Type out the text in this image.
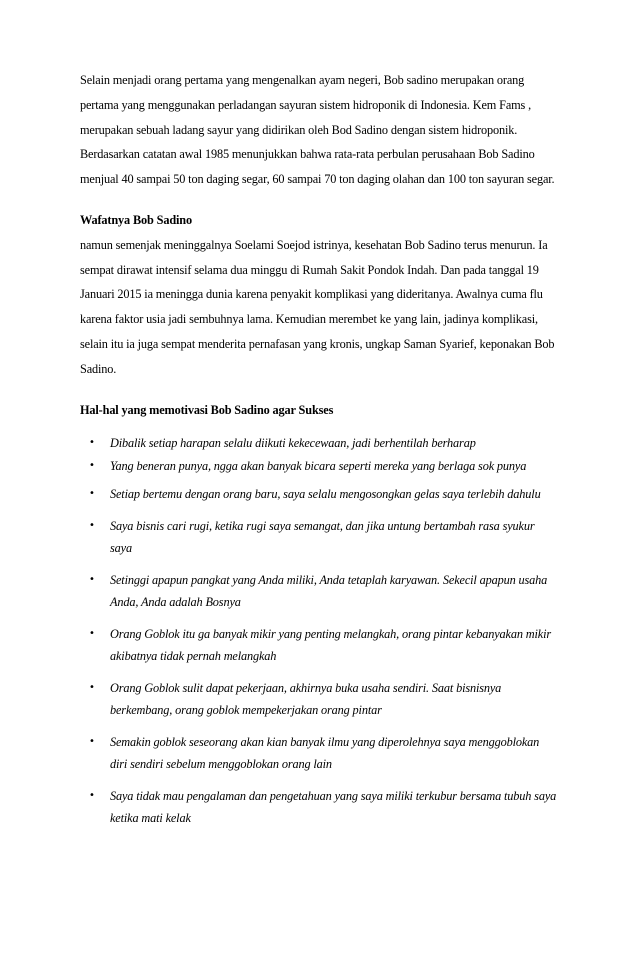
Selain menjadi orang pertama yang mengenalkan ayam negeri, Bob sadino merupakan orang pertama yang menggunakan perladangan sayuran sistem hidroponik di Indonesia. Kem Fams , merupakan sebuah ladang sayur yang didirikan oleh Bod Sadino dengan sistem hidroponik. Berdasarkan catatan awal 1985 menunjukkan bahwa rata-rata perbulan perusahaan Bob Sadino menjual 40 sampai 50 ton daging segar, 60 sampai 70 ton daging olahan dan 100 ton sayuran segar.

Wafatnya Bob Sadino

namun semenjak meninggalnya Soelami Soejod istrinya, kesehatan Bob Sadino terus menurun. Ia sempat dirawat intensif selama dua minggu di Rumah Sakit Pondok Indah. Dan pada tanggal 19 Januari 2015 ia meningga dunia karena penyakit komplikasi yang dideritanya. Awalnya cuma flu karena faktor usia jadi sembuhnya lama. Kemudian merembet ke yang lain, jadinya komplikasi, selain itu ia juga sempat menderita pernafasan yang kronis, ungkap Saman Syarief, keponakan Bob Sadino.

Hal-hal yang memotivasi Bob Sadino agar Sukses

• Dibalik setiap harapan selalu diikuti kekecewaan, jadi berhentilah berharap
• Yang beneran punya, ngga akan banyak bicara seperti mereka yang berlaga sok punya
• Setiap bertemu dengan orang baru, saya selalu mengosongkan gelas saya terlebih dahulu
• Saya bisnis cari rugi, ketika rugi saya semangat, dan jika untung bertambah rasa syukur saya
• Setinggi apapun pangkat yang Anda miliki, Anda tetaplah karyawan. Sekecil apapun usaha Anda, Anda adalah Bosnya
• Orang Goblok itu ga banyak mikir yang penting melangkah, orang pintar kebanyakan mikir akibatnya tidak pernah melangkah
• Orang Goblok sulit dapat pekerjaan, akhirnya buka usaha sendiri. Saat bisnisnya berkembang, orang goblok mempekerjakan orang pintar
• Semakin goblok seseorang akan kian banyak ilmu yang diperolehnya saya menggoblokan diri sendiri sebelum menggoblokan orang lain
• Saya tidak mau pengalaman dan pengetahuan yang saya miliki terkubur bersama tubuh saya ketika mati kelak
